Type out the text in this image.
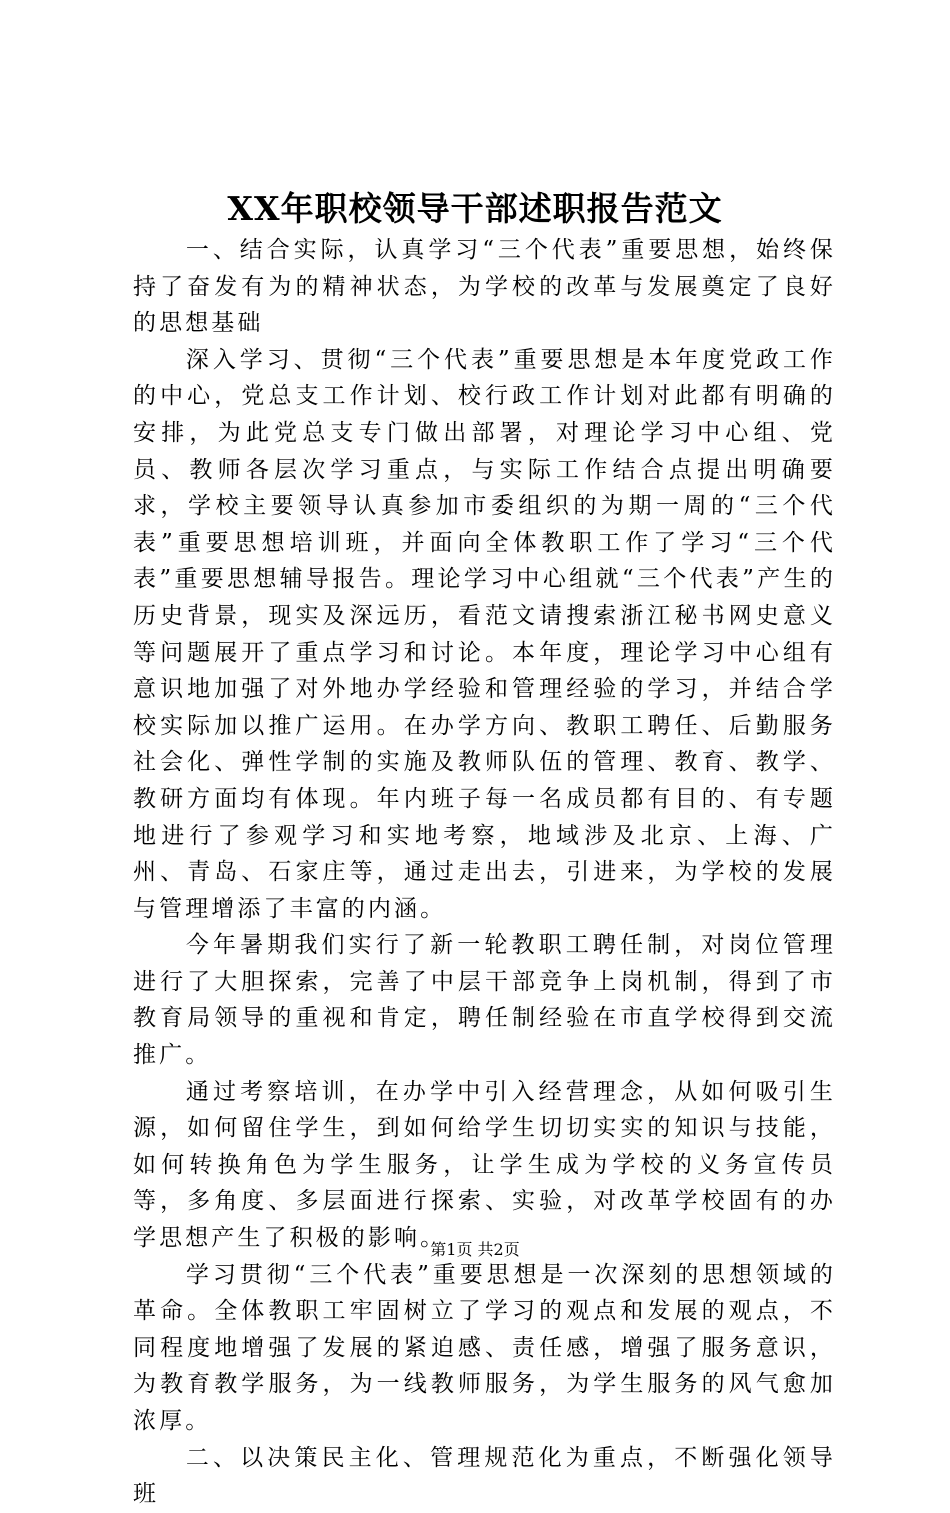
XX年职校领导干部述职报告范文

一、结合实际，认真学习“三个代表”重要思想，始终保持了奋发有为的精神状态，为学校的改革与发展奠定了良好的思想基础

深入学习、贯彻“三个代表”重要思想是本年度党政工作的中心，党总支工作计划、校行政工作计划对此都有明确的安排，为此党总支专门做出部署，对理论学习中心组、党员、教师各层次学习重点，与实际工作结合点提出明确要求，学校主要领导认真参加市委组织的为期一周的“三个代表”重要思想培训班，并面向全体教职工作了学习“三个代表”重要思想辅导报告。理论学习中心组就“三个代表”产生的历史背景，现实及深远历，看范文请搜索浙江秘书网史意义等问题展开了重点学习和讨论。本年度，理论学习中心组有意识地加强了对外地办学经验和管理经验的学习，并结合学校实际加以推广运用。在办学方向、教职工聘任、后勤服务社会化、弹性学制的实施及教师队伍的管理、教育、教学、教研方面均有体现。年内班子每一名成员都有目的、有专题地进行了参观学习和实地考察，地域涉及北京、上海、广州、青岛、石家庄等，通过走出去，引进来，为学校的发展与管理增添了丰富的内涵。

今年暑期我们实行了新一轮教职工聘任制，对岗位管理进行了大胆探索，完善了中层干部竞争上岗机制，得到了市教育局领导的重视和肯定，聘任制经验在市直学校得到交流推广。

通过考察培训，在办学中引入经营理念，从如何吸引生源，如何留住学生，到如何给学生切切实实的知识与技能，如何转换角色为学生服务，让学生成为学校的义务宣传员等，多角度、多层面进行探索、实验，对改革学校固有的办学思想产生了积极的影响。

学习贯彻“三个代表”重要思想是一次深刻的思想领域的革命。全体教职工牢固树立了学习的观点和发展的观点，不同程度地增强了发展的紧迫感、责任感，增强了服务意识，为教育教学服务，为一线教师服务，为学生服务的风气愈加浓厚。

二、以决策民主化、管理规范化为重点，不断强化领导班

第1页 共2页
